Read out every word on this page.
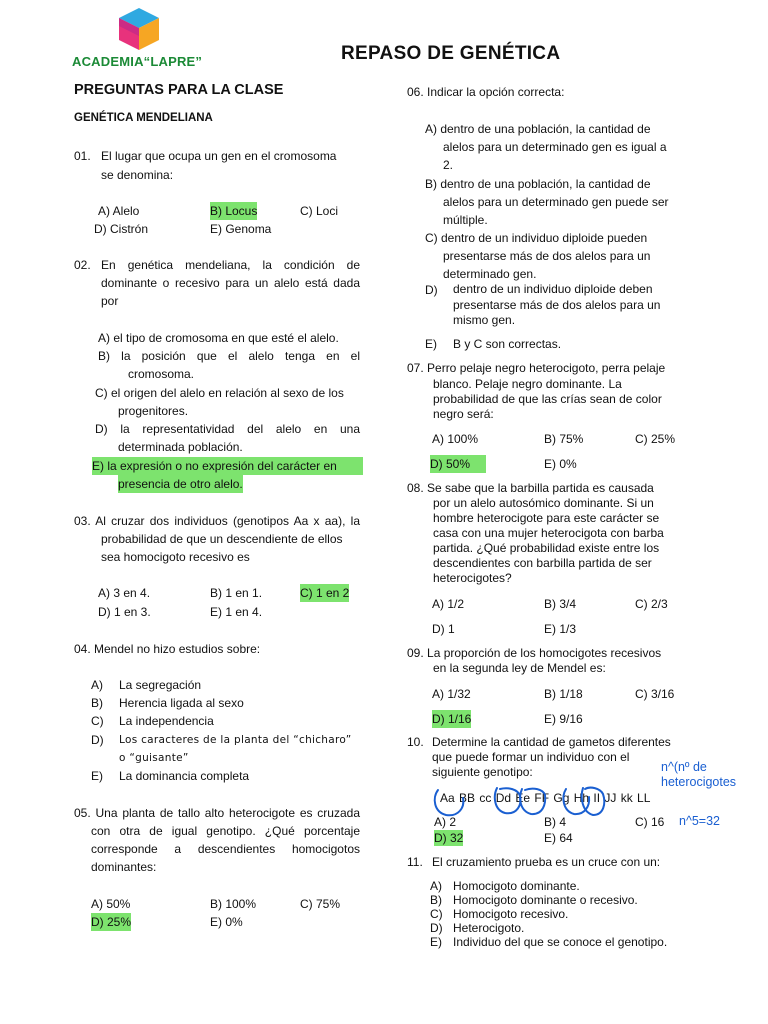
ACADEMIA“LAPRE”	REPASO DE GENÉTICA
PREGUNTAS PARA LA CLASE
GENÉTICA MENDELIANA
01. El lugar que ocupa un gen en el cromosoma
se denomina:
A) Alelo	B) Locus	C) Loci
D) Cistrón	E) Genoma
02. En genética mendeliana, la condición de
dominante o recesivo para un alelo está dada
por
A) el tipo de cromosoma en que esté el alelo.
B) la posición que el alelo tenga en el
cromosoma.
C) el origen del alelo en relación al sexo de los
progenitores.
D) la representatividad del alelo en una
determinada población.
E) la expresión o no expresión del carácter en
presencia de otro alelo.
03. Al cruzar dos individuos (genotipos Aa x aa), la
probabilidad de que un descendiente de ellos
sea homocigoto recesivo es
A) 3 en 4.	B) 1 en 1.	C) 1 en 2
D) 1 en 3.	E) 1 en 4.
04. Mendel no hizo estudios sobre:
A) La segregación
B) Herencia ligada al sexo
C) La independencia
D) Los caracteres de la planta del “chicharo”
o “guisante”
E) La dominancia completa
05. Una planta de tallo alto heterocigote es cruzada
con otra de igual genotipo. ¿Qué porcentaje
corresponde a descendientes homocigotos
dominantes:
A) 50%	B) 100%	C) 75%
D) 25%	E) 0%
06. Indicar la opción correcta:
A) dentro de una población, la cantidad de
alelos para un determinado gen es igual a
2.
B) dentro de una población, la cantidad de
alelos para un determinado gen puede ser
múltiple.
C) dentro de un individuo diploide pueden
presentarse más de dos alelos para un
determinado gen.
D) dentro de un individuo diploide deben
presentarse más de dos alelos para un
mismo gen.
E) B y C son correctas.
07. Perro pelaje negro heterocigoto, perra pelaje
blanco. Pelaje negro dominante. La
probabilidad de que las crías sean de color
negro será:
A) 100%	B) 75%	C) 25%
D) 50%	E) 0%
08. Se sabe que la barbilla partida es causada
por un alelo autosómico dominante. Si un
hombre heterocigote para este carácter se
casa con una mujer heterocigota con barba
partida. ¿Qué probabilidad existe entre los
descendientes con barbilla partida de ser
heterocigotes?
A) 1/2	B) 3/4	C) 2/3
D) 1	E) 1/3
09. La proporción de los homocigotes recesivos
en la segunda ley de Mendel es:
A) 1/32	B) 1/18	C) 3/16
D) 1/16	E) 9/16
10. Determine la cantidad de gametos diferentes
que puede formar un individuo con el
siguiente genotipo:
Aa BB cc Dd Ee FF Gg Hh II JJ kk LL
A) 2	B) 4	C) 16
D) 32	E) 64
n^(nº de
heterocigotes
n^5=32
11. El cruzamiento prueba es un cruce con un:
A) Homocigoto dominante.
B) Homocigoto dominante o recesivo.
C) Homocigoto recesivo.
D) Heterocigoto.
E) Individuo del que se conoce el genotipo.
